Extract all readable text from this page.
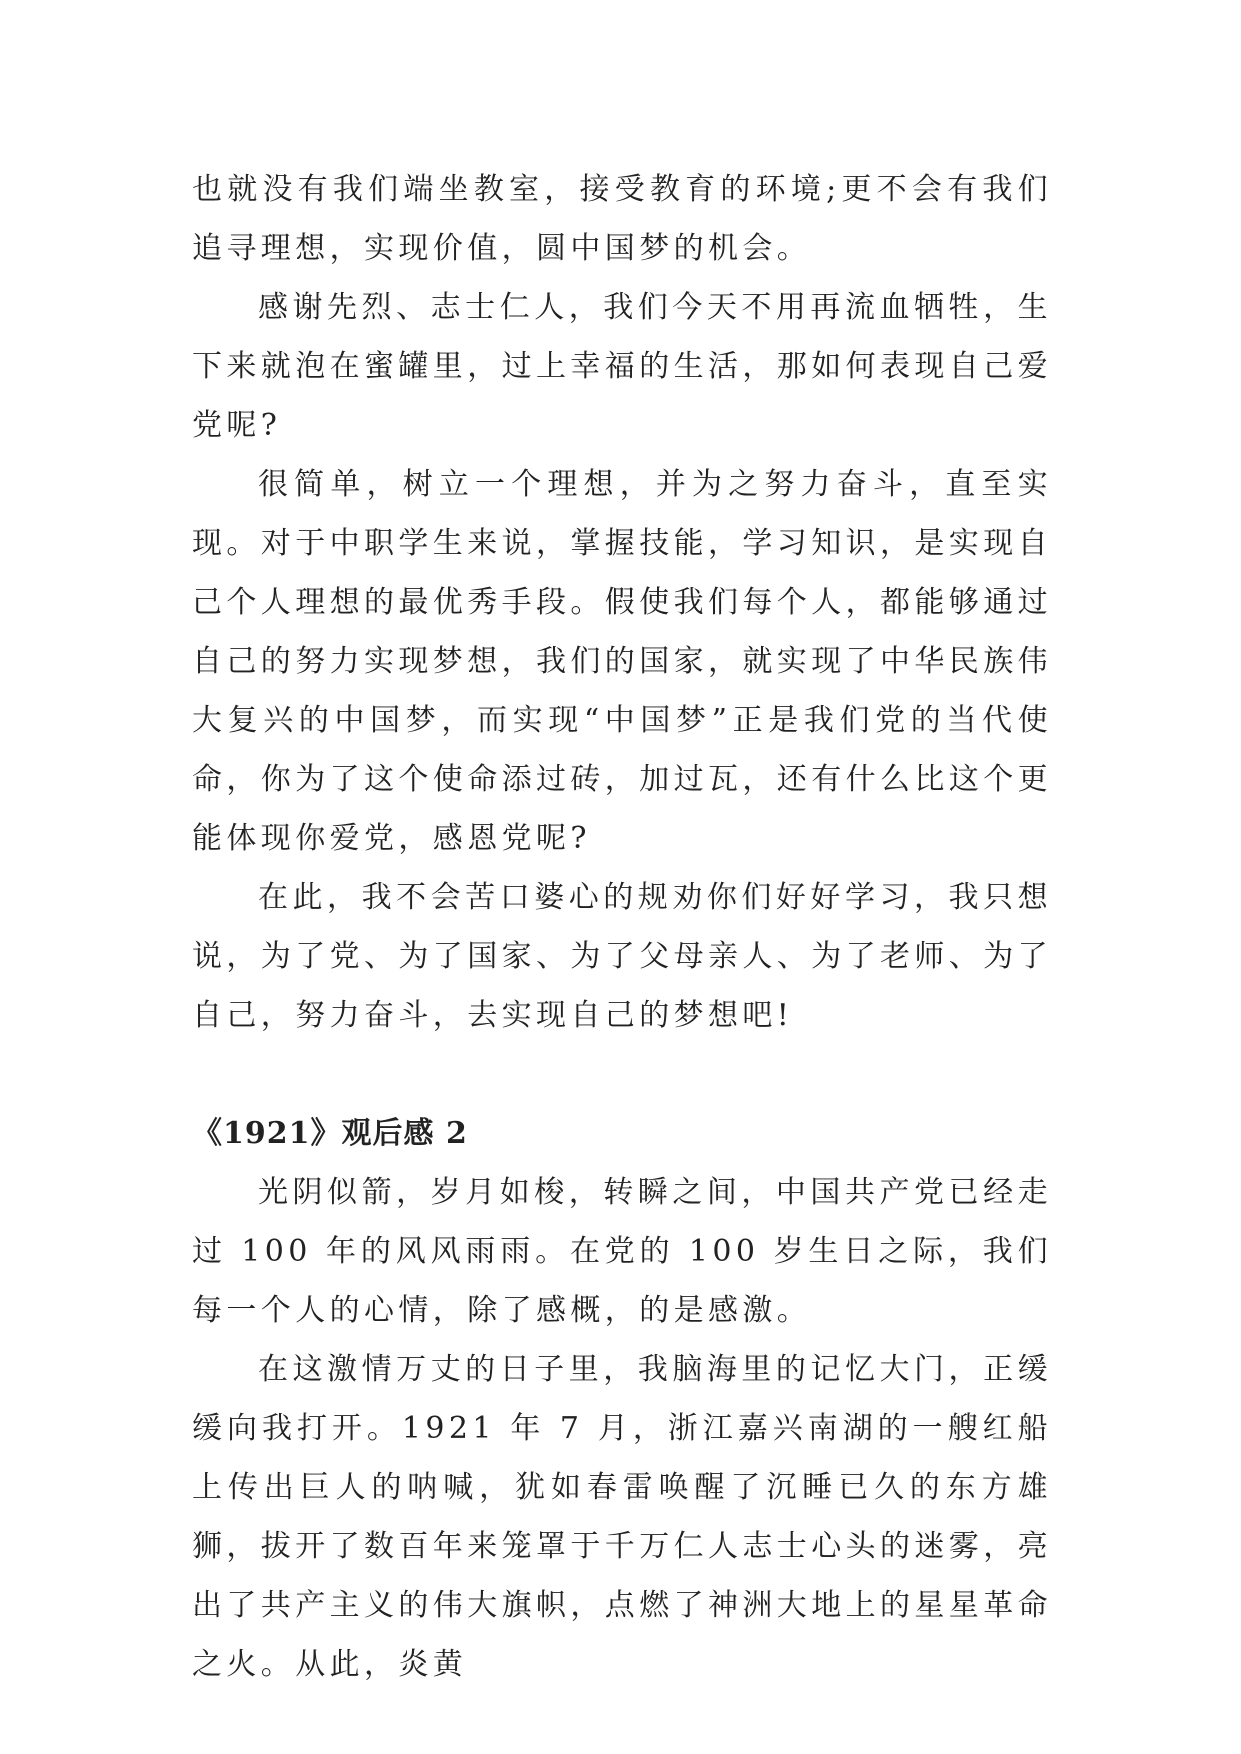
也就没有我们端坐教室，接受教育的环境;更不会有我们追寻理想，实现价值，圆中国梦的机会。

感谢先烈、志士仁人，我们今天不用再流血牺牲，生下来就泡在蜜罐里，过上幸福的生活，那如何表现自己爱党呢?

很简单，树立一个理想，并为之努力奋斗，直至实现。对于中职学生来说，掌握技能，学习知识，是实现自己个人理想的最优秀手段。假使我们每个人，都能够通过自己的努力实现梦想，我们的国家，就实现了中华民族伟大复兴的中国梦，而实现“中国梦”正是我们党的当代使命，你为了这个使命添过砖，加过瓦，还有什么比这个更能体现你爱党，感恩党呢?

在此，我不会苦口婆心的规劝你们好好学习，我只想说，为了党、为了国家、为了父母亲人、为了老师、为了自己，努力奋斗，去实现自己的梦想吧!

《1921》观后感 2

光阴似箭，岁月如梭，转瞬之间，中国共产党已经走过 100 年的风风雨雨。在党的 100 岁生日之际，我们每一个人的心情，除了感概，的是感激。

在这激情万丈的日子里，我脑海里的记忆大门，正缓缓向我打开。1921 年 7 月，浙江嘉兴南湖的一艘红船上传出巨人的呐喊，犹如春雷唤醒了沉睡已久的东方雄狮，拔开了数百年来笼罩于千万仁人志士心头的迷雾，亮出了共产主义的伟大旗帜，点燃了神洲大地上的星星革命之火。从此，炎黄
